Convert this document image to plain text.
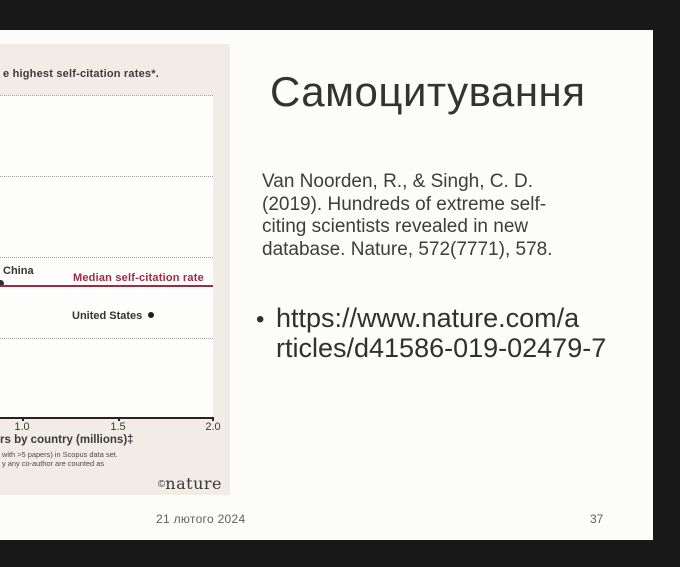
e highest self-citation rates*.
China
Median self-citation rate
United States
1.0	1.5	2.0
rs by country (millions)‡
with >5 papers) in Scopus data set.
y any co-author are counted as
©nature
Самоцитування
Van Noorden, R., & Singh, C. D.
(2019). Hundreds of extreme self-
citing scientists revealed in new
database. Nature, 572(7771), 578.
• https://www.nature.com/a
rticles/d41586-019-02479-7
21 лютого 2024	37
